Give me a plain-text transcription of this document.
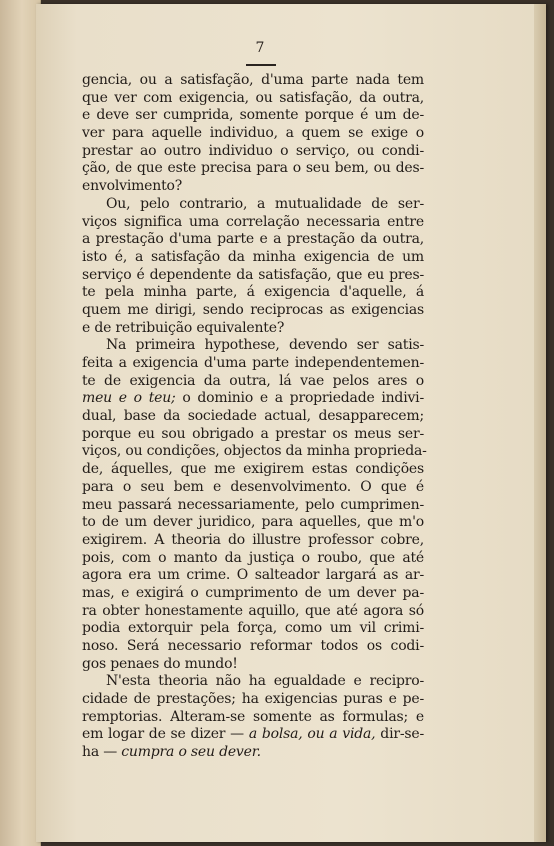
7
gencia, ou a satisfação, d'uma parte nada tem
que ver com exigencia, ou satisfação, da outra,
e deve ser cumprida, somente porque é um de-
ver para aquelle individuo, a quem se exige o
prestar ao outro individuo o serviço, ou condi-
ção, de que este precisa para o seu bem, ou des-
envolvimento?
Ou, pelo contrario, a mutualidade de ser-
viços significa uma correlação necessaria entre
a prestação d'uma parte e a prestação da outra,
isto é, a satisfação da minha exigencia de um
serviço é dependente da satisfação, que eu pres-
te pela minha parte, á exigencia d'aquelle, á
quem me dirigi, sendo reciprocas as exigencias
e de retribuição equivalente?
Na primeira hypothese, devendo ser satis-
feita a exigencia d'uma parte independentemen-
te de exigencia da outra, lá vae pelos ares o
meu e o teu; o dominio e a propriedade indivi-
dual, base da sociedade actual, desapparecem;
porque eu sou obrigado a prestar os meus ser-
viços, ou condições, objectos da minha proprieda-
de, áquelles, que me exigirem estas condições
para o seu bem e desenvolvimento. O que é
meu passará necessariamente, pelo cumprimen-
to de um dever juridico, para aquelles, que m'o
exigirem. A theoria do illustre professor cobre,
pois, com o manto da justiça o roubo, que até
agora era um crime. O salteador largará as ar-
mas, e exigirá o cumprimento de um dever pa-
ra obter honestamente aquillo, que até agora só
podia extorquir pela força, como um vil crimi-
noso. Será necessario reformar todos os codi-
gos penaes do mundo!
N'esta theoria não ha egualdade e recipro-
cidade de prestações; ha exigencias puras e pe-
remptorias. Alteram-se somente as formulas; e
em logar de se dizer — a bolsa, ou a vida, dir-se-
ha — cumpra o seu dever.
